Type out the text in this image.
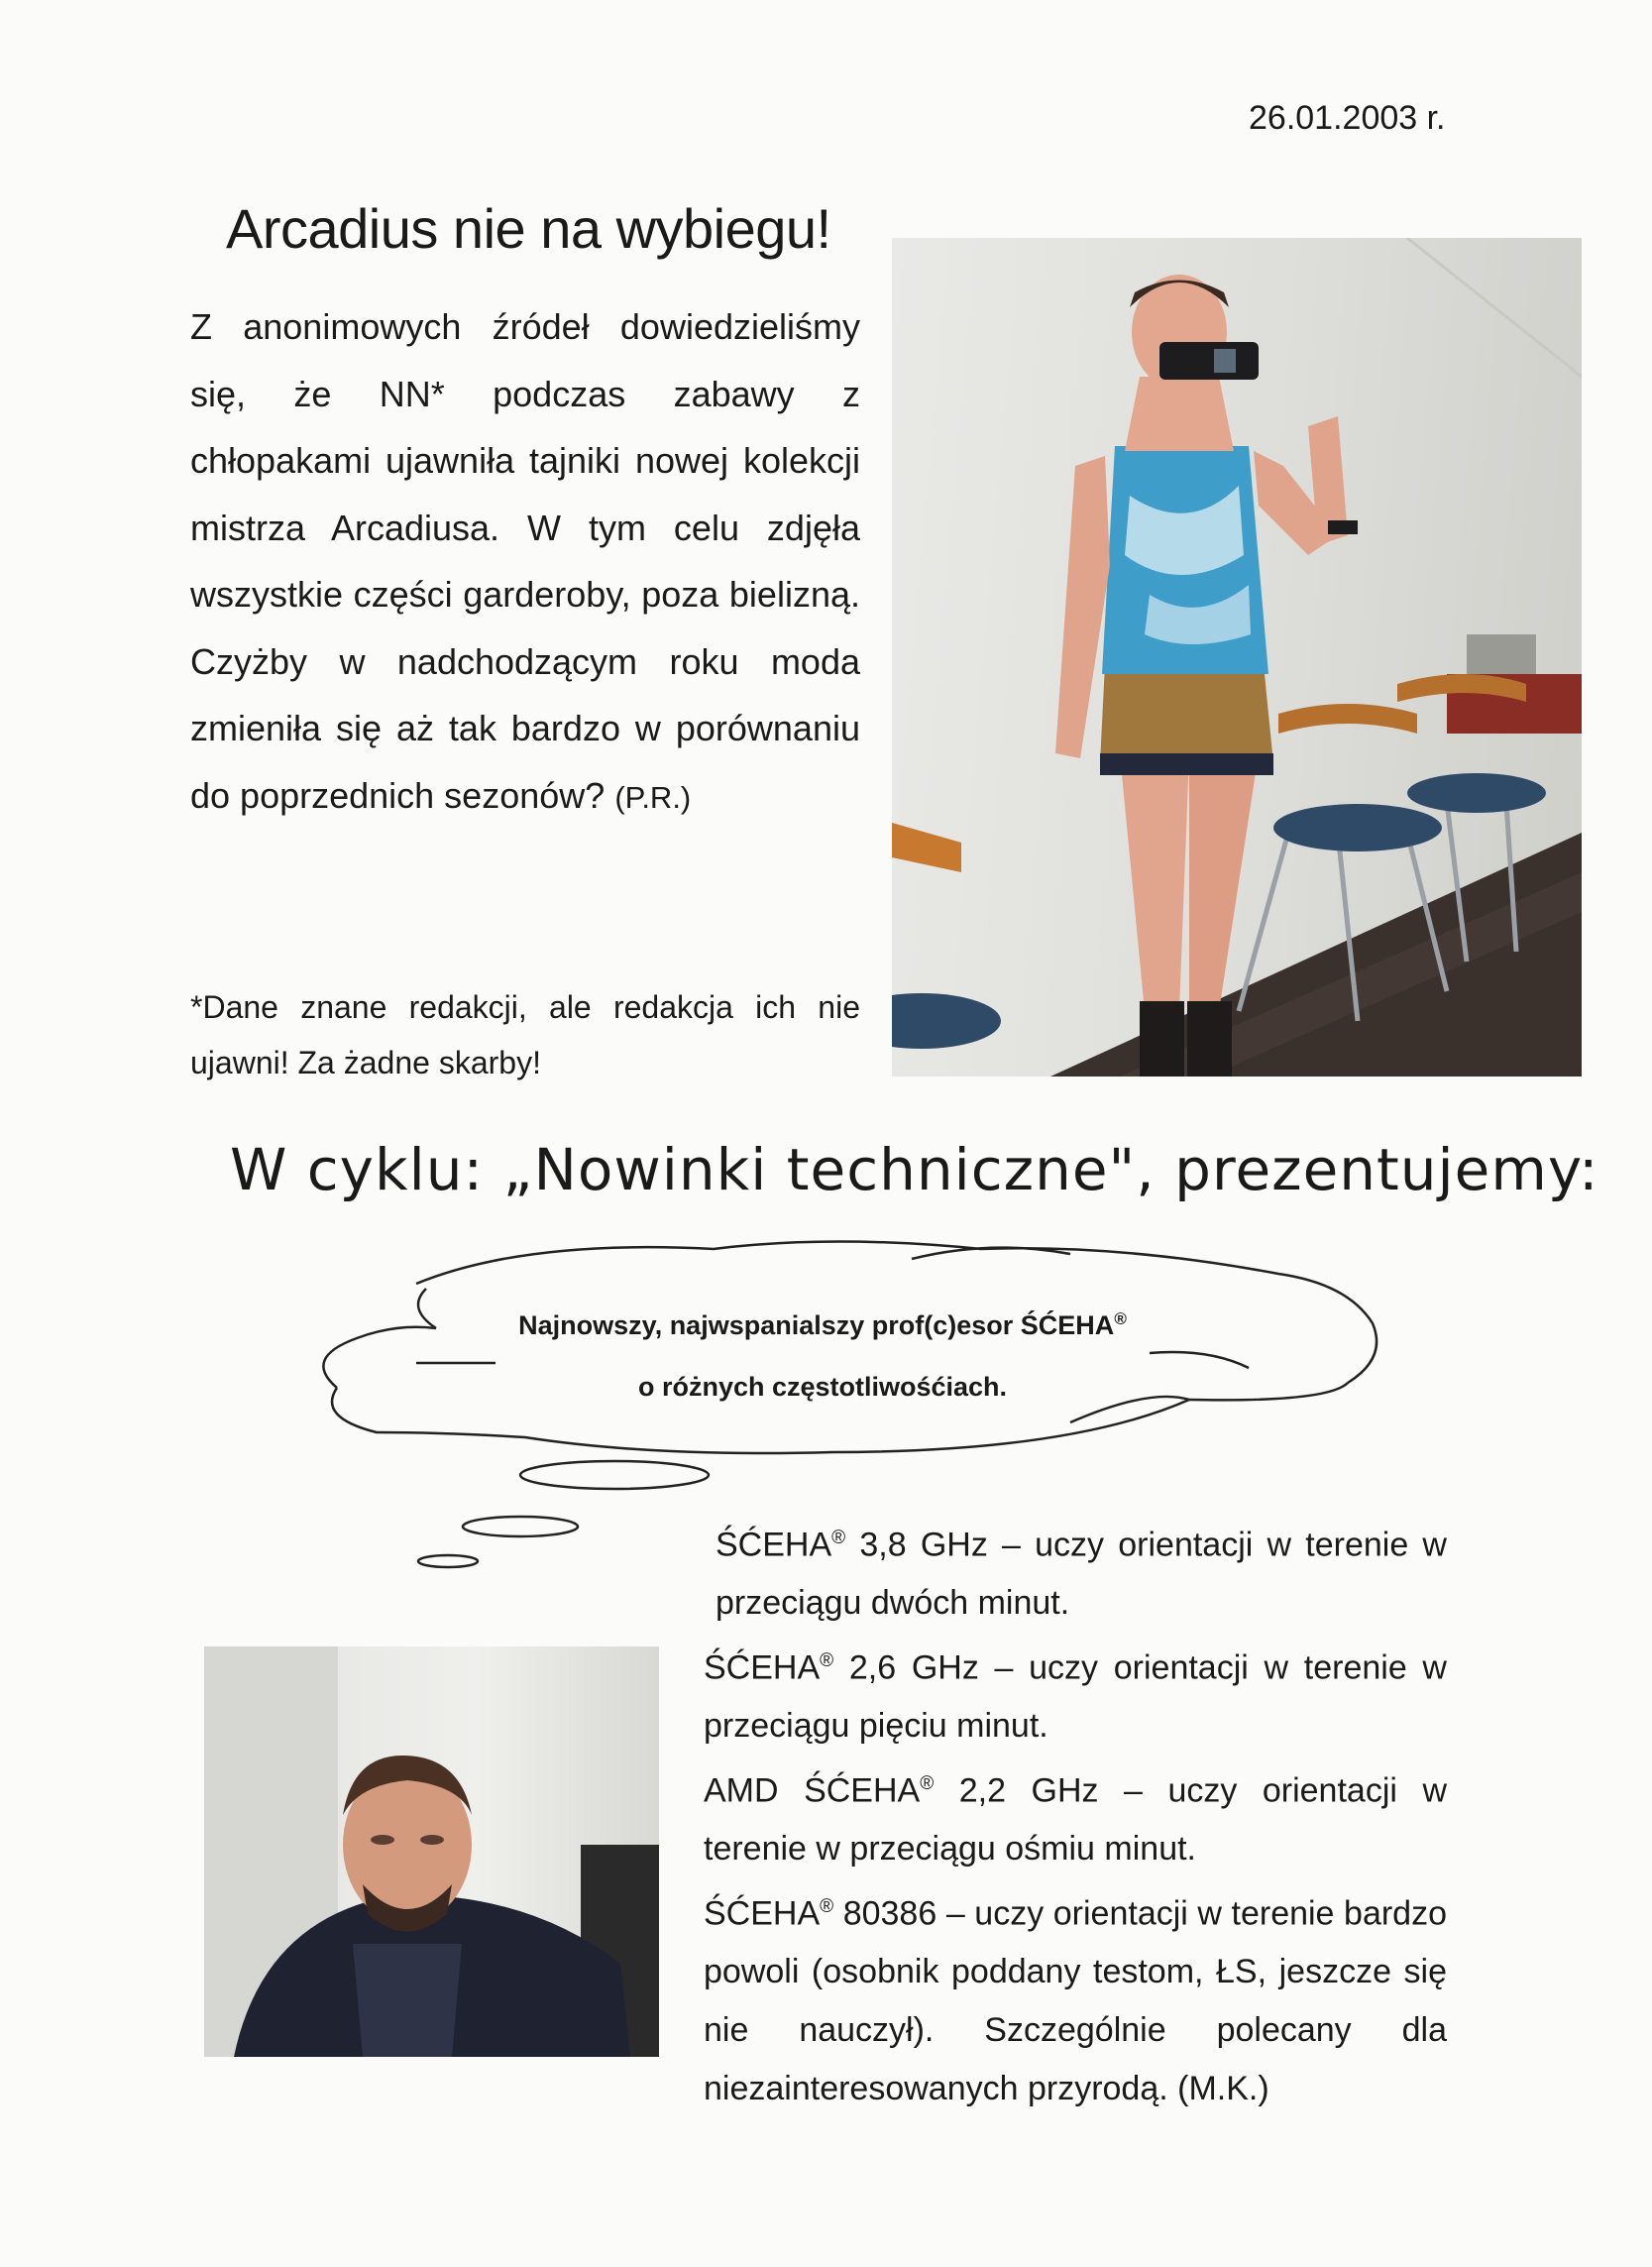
26.01.2003 r.
Arcadius nie na wybiegu!

Z anonimowych źródeł dowiedzieliśmy się, że NN* podczas zabawy z chłopakami ujawniła tajniki nowej kolekcji mistrza Arcadiusa. W tym celu zdjęła wszystkie części garderoby, poza bielizną. Czyżby w nadchodzącym roku moda zmieniła się aż tak bardzo w porównaniu do poprzednich sezonów? (P.R.)

*Dane znane redakcji, ale redakcja ich nie ujawni! Za żadne skarby!

W cyklu: „Nowinki techniczne", prezentujemy:
Najnowszy, najwspanialszy prof(c)esor ŚĆEHA®
o różnych częstotliwośćiach.

ŚĆEHA® 3,8 GHz – uczy orientacji w terenie w przeciągu dwóch minut.

ŚĆEHA® 2,6 GHz – uczy orientacji w terenie w przeciągu pięciu minut.

AMD ŚĆEHA® 2,2 GHz – uczy orientacji w terenie w przeciągu ośmiu minut.

ŚĆEHA® 80386 – uczy orientacji w terenie bardzo powoli (osobnik poddany testom, ŁS, jeszcze się nie nauczył). Szczególnie polecany dla niezainteresowanych przyrodą. (M.K.)
